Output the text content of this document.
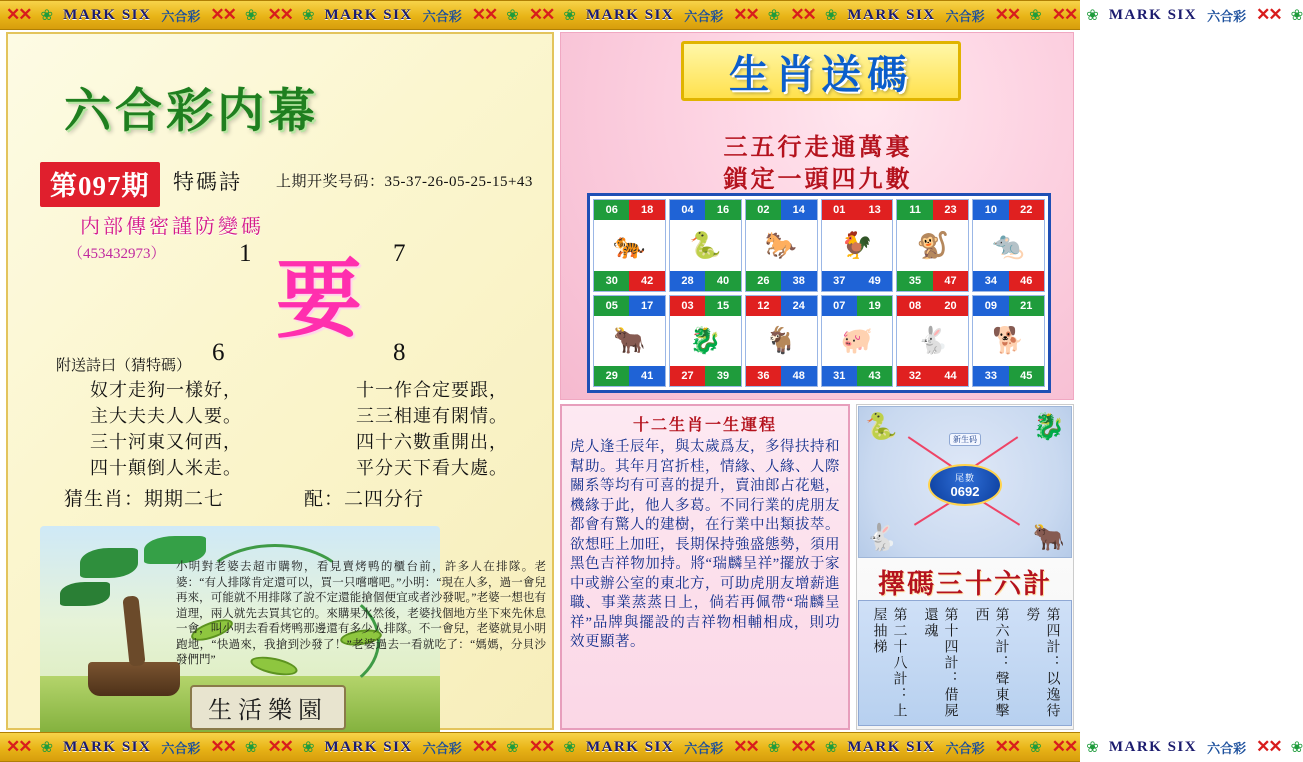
✕✕ ❀ MARK SIX 六合彩 ✕✕ ❀ ✕✕ ❀ MARK SIX 六合彩 ✕✕ ❀ ✕✕ ❀ MARK SIX 六合彩 ✕✕ ❀ ✕✕ ❀ MARK SIX 六合彩 ✕✕ ❀ ✕✕ ❀ MARK SIX 六合彩 ✕✕ ❀
六合彩内幕
第097期	特碼詩 上期开奖号码：35-37-26-05-25-15+43
内部傳密謹防變碼
（453432973）	1	7
要
6	8
附送詩曰（猜特碼）
奴才走狗一樣好，
主大夫夫人人要。
三十河東又何西，
四十顛倒人米走。
十一作合定要跟，
三三相連有閑情。
四十六數重開出，
平分天下看大處。
猜生肖：期期二七	配：二四分行
生活樂園
小明對老婆去超市購物，看見賣烤鸭的櫃台前，許多人在排隊。老婆：“有人排隊肯定還可以，買一只嚐嚐吧。”小明：“現在人多，過一會兒再來，可能就不用排隊了說不定還能搶個便宜或者沙發呢。”老婆一想也有道理，兩人就先去買其它的。來購果水然後，老婆找個地方坐下來先休息一會，叫小明去看看烤鸭那邊還有多少人排隊。不一會兒，老婆就見小明跑地，“快過來，我搶到沙發了！”老婆過去一看就吃了：“媽媽，分貝沙發們門”
生肖送碼
三五行走通萬裏
鎖定一頭四九數
06	18
🐅
30	42
04	16
🐍
28	40
02	14
🐎
26	38
01	13
🐓
37	49
11	23
🐒
35	47
10	22
🐀
34	46
05	17
🐂
29	41
03	15
🐉
27	39
12	24
🐐
36	48
07	19
🐖
31	43
08	20
🐇
32	44
09	21
🐕
33	45
十二生肖一生運程
虎人逢壬辰年，與太歲爲友，多得扶持和幫助。其年月宮折桂，情緣、人緣、人際關系等均有可喜的提升，賣油郎占花魁，機緣于此，他人多葛。不同行業的虎朋友都會有驚人的建樹，在行業中出類拔萃。欲想旺上加旺，長期保持強盛態勢，須用黑色吉祥物加持。將“瑞麟呈祥”擺放于家中或辦公室的東北方，可助虎朋友增薪進職、事業蒸蒸日上，倘若再佩帶“瑞麟呈祥”品牌與擺設的吉祥物相輔相成，則功效更顯著。
🐍	🐉
🐇	🐂
新生码
尾數
0692
擇碼三十六計
第二十八計：上屋抽梯	第十四計：借屍還魂	第六計：聲東擊西	第四計：以逸待勞
✕✕ ❀ MARK SIX 六合彩 ✕✕ ❀ ✕✕ ❀ MARK SIX 六合彩 ✕✕ ❀ ✕✕ ❀ MARK SIX 六合彩 ✕✕ ❀ ✕✕ ❀ MARK SIX 六合彩 ✕✕ ❀ ✕✕ ❀ MARK SIX 六合彩 ✕✕ ❀
